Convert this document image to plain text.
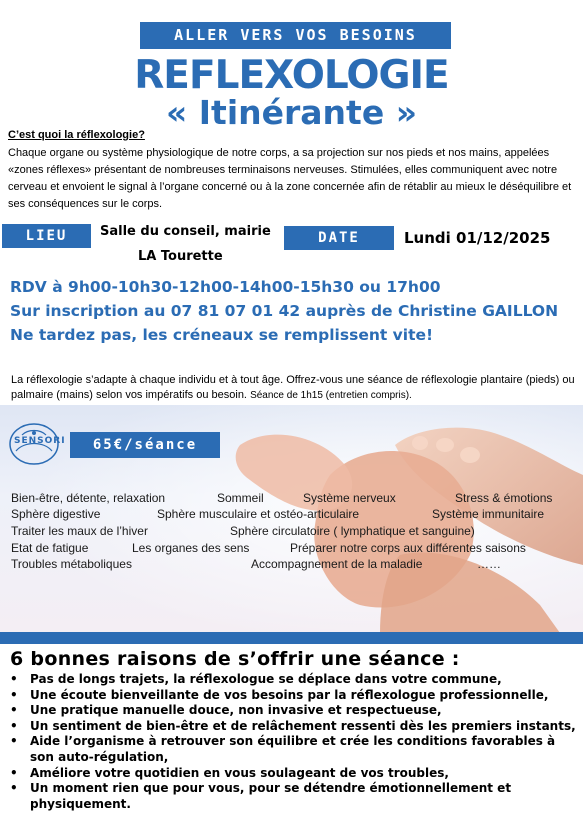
ALLER VERS VOS BESOINS
REFLEXOLOGIE
« Itinérante »
C’est quoi la réflexologie?
Chaque organe ou système physiologique de notre corps, a sa projection sur nos pieds et nos mains, appelées «zones réflexes» présentant de nombreuses terminaisons nerveuses. Stimulées, elles communiquent avec notre cerveau et envoient le signal à l’organe concerné ou à la zone concernée afin de rétablir au mieux le déséquilibre et ses conséquences sur le corps.
LIEU	Salle du conseil, mairie
LA Tourette
DATE	Lundi 01/12/2025
RDV à 9h00-10h30-12h00-14h00-15h30 ou 17h00
Sur inscription au 07 81 07 01 42 auprès de Christine GAILLON
Ne tardez pas, les créneaux se remplissent vite!
La réflexologie s’adapte à chaque individu et à tout âge. Offrez-vous une séance de réflexologie plantaire (pieds) ou palmaire (mains) selon vos impératifs ou besoin. Séance de 1h15 (entretien compris).
SENSORI	65€/séance
Bien-être, détente, relaxation	Sommeil	Système nerveux	Stress & émotions
Sphère digestive	Sphère musculaire et ostéo-articulaire	Système immunitaire
Traiter les maux de l’hiver	Sphère circulatoire ( lymphatique et sanguine)
Etat de fatigue	Les organes des sens	Préparer notre corps aux différentes saisons
Troubles métaboliques	Accompagnement de la maladie	……
6 bonnes raisons de s’offrir une séance :
• Pas de longs trajets, la réflexologue se déplace dans votre commune,
• Une écoute bienveillante de vos besoins par la réflexologue professionnelle,
• Une pratique manuelle douce, non invasive et respectueuse,
• Un sentiment de bien-être et de relâchement ressenti dès les premiers instants,
• Aide l’organisme à retrouver son équilibre et crée les conditions favorables à son auto-régulation,
• Améliore votre quotidien en vous soulageant de vos troubles,
• Un moment rien que pour vous, pour se détendre émotionnellement et physiquement.
